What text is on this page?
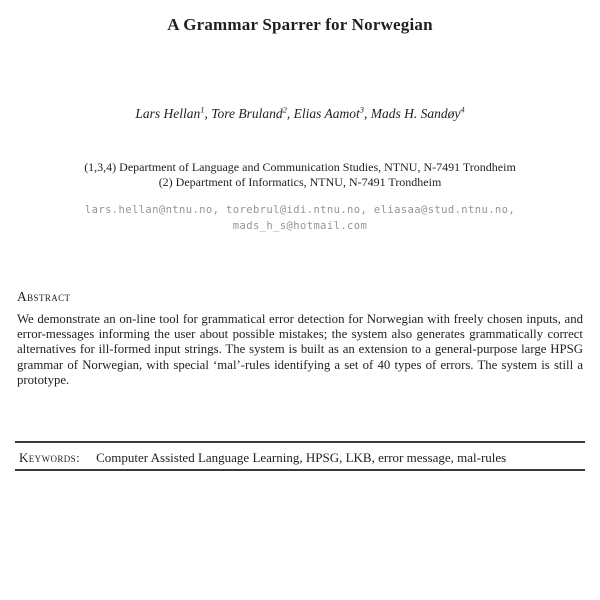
A Grammar Sparrer for Norwegian
Lars Hellan$^1$, Tore Bruland$^2$, Elias Aamot$^3$, Mads H. Sandøy$^4$
(1,3,4) Department of Language and Communication Studies, NTNU, N-7491 Trondheim
(2) Department of Informatics, NTNU, N-7491 Trondheim
lars.hellan@ntnu.no, torebrul@idi.ntnu.no, eliasaa@stud.ntnu.no,
mads_h_s@hotmail.com
Abstract

We demonstrate an on-line tool for grammatical error detection for Norwegian with freely chosen inputs, and error-messages informing the user about possible mistakes; the system also generates grammatically correct alternatives for ill-formed input strings. The system is built as an extension to a general-purpose large HPSG grammar of Norwegian, with special ‘mal’-rules identifying a set of 40 types of errors. The system is still a prototype.

Keywords: Computer Assisted Language Learning, HPSG, LKB, error message, mal-rules
